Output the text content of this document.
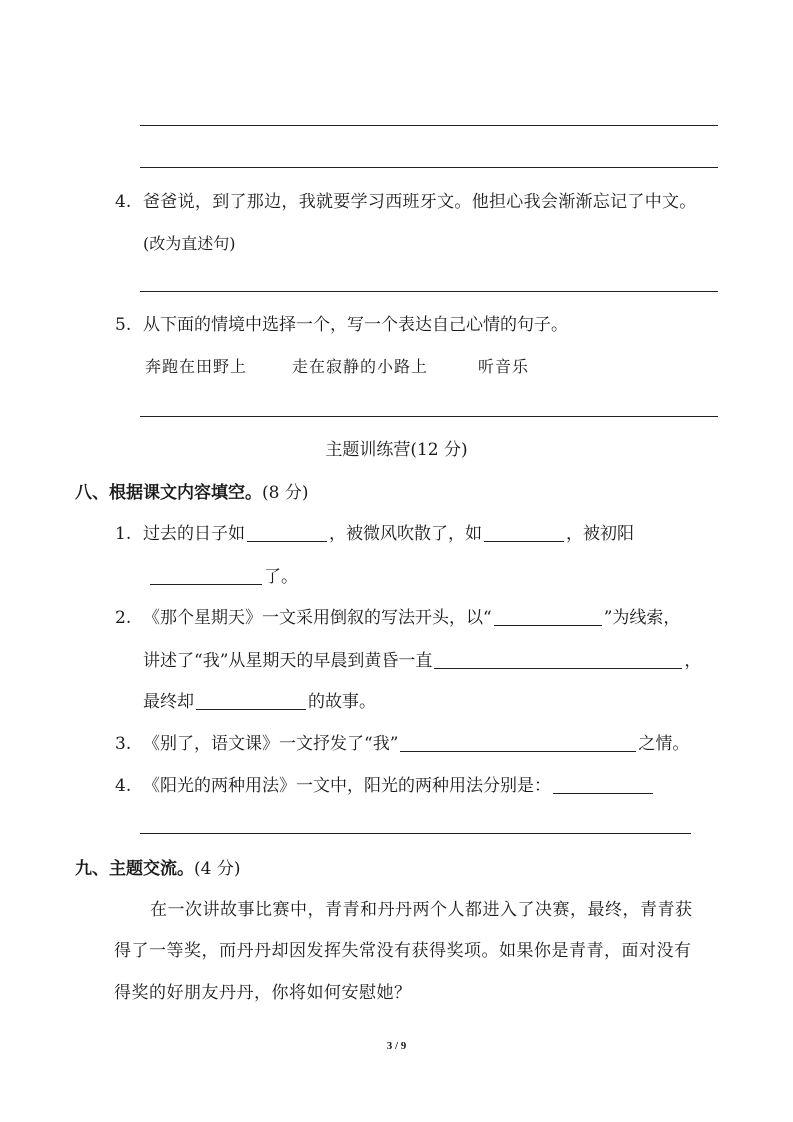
4. 爸爸说，到了那边，我就要学习西班牙文。他担心我会渐渐忘记了中文。
(改为直述句)
5. 从下面的情境中选择一个，写一个表达自己心情的句子。
奔跑在田野上	走在寂静的小路上	听音乐
主题训练营(12 分)
八、根据课文内容填空。(8 分)
1. 过去的日子如	，被微风吹散了，如	，被初阳
了。
2. 《那个星期天》一文采用倒叙的写法开头，以“	”为线索，
讲述了“我”从星期天的早晨到黄昏一直	，
最终却	的故事。
3. 《别了，语文课》一文抒发了“我”	之情。
4. 《阳光的两种用法》一文中，阳光的两种用法分别是：
九、主题交流。(4 分)
在一次讲故事比赛中，青青和丹丹两个人都进入了决赛，最终，青青获
得了一等奖，而丹丹却因发挥失常没有获得奖项。如果你是青青，面对没有
得奖的好朋友丹丹，你将如何安慰她？
3 / 9
